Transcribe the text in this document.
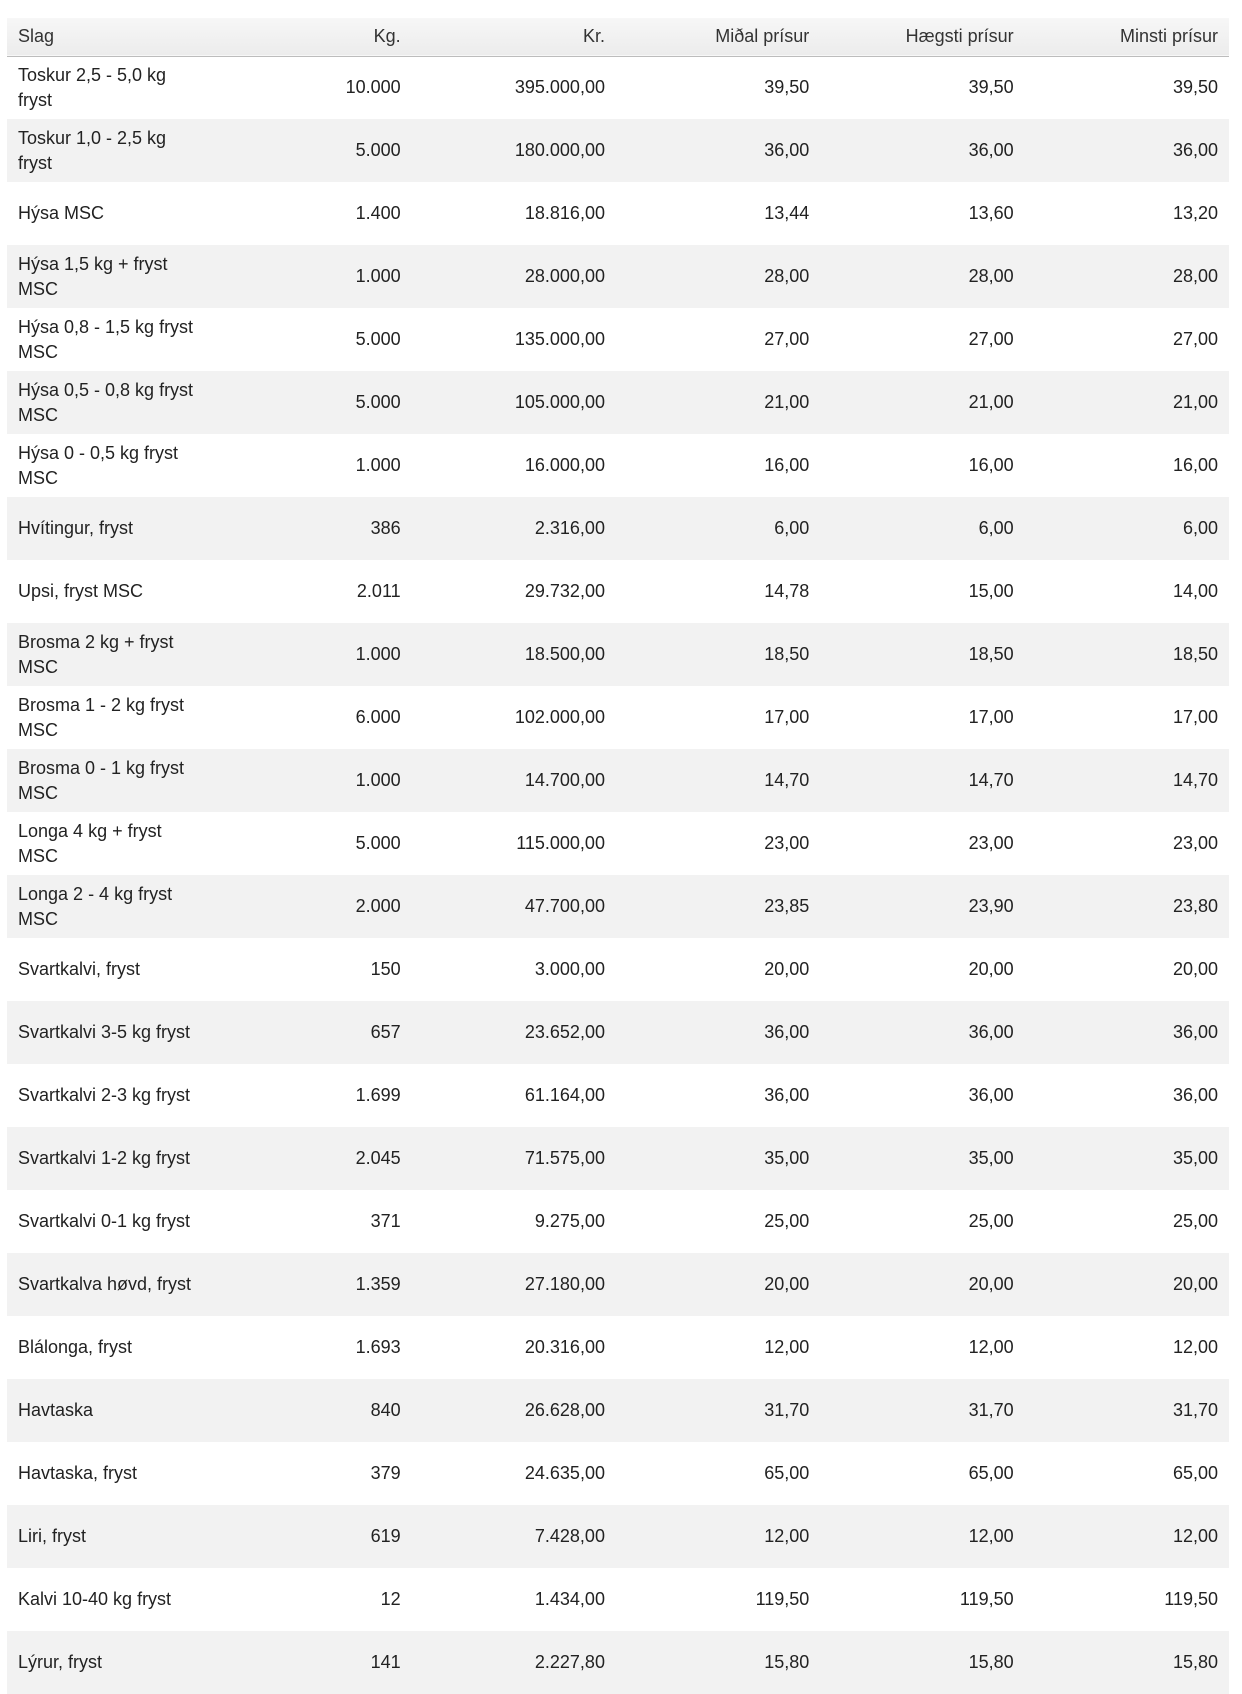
Slag	Kg.	Kr.	Miðal prísur	Hægsti prísur	Minsti prísur
Toskur 2,5 - 5,0 kg fryst	10.000	395.000,00	39,50	39,50	39,50
Toskur 1,0 - 2,5 kg fryst	5.000	180.000,00	36,00	36,00	36,00
Hýsa MSC	1.400	18.816,00	13,44	13,60	13,20
Hýsa 1,5 kg + fryst MSC	1.000	28.000,00	28,00	28,00	28,00
Hýsa 0,8 - 1,5 kg fryst MSC	5.000	135.000,00	27,00	27,00	27,00
Hýsa 0,5 - 0,8 kg fryst MSC	5.000	105.000,00	21,00	21,00	21,00
Hýsa 0 - 0,5 kg fryst MSC	1.000	16.000,00	16,00	16,00	16,00
Hvítingur, fryst	386	2.316,00	6,00	6,00	6,00
Upsi, fryst MSC	2.011	29.732,00	14,78	15,00	14,00
Brosma 2 kg + fryst MSC	1.000	18.500,00	18,50	18,50	18,50
Brosma 1 - 2 kg fryst MSC	6.000	102.000,00	17,00	17,00	17,00
Brosma 0 - 1 kg fryst MSC	1.000	14.700,00	14,70	14,70	14,70
Longa 4 kg + fryst MSC	5.000	115.000,00	23,00	23,00	23,00
Longa 2 - 4 kg fryst MSC	2.000	47.700,00	23,85	23,90	23,80
Svartkalvi, fryst	150	3.000,00	20,00	20,00	20,00
Svartkalvi 3-5 kg fryst	657	23.652,00	36,00	36,00	36,00
Svartkalvi 2-3 kg fryst	1.699	61.164,00	36,00	36,00	36,00
Svartkalvi 1-2 kg fryst	2.045	71.575,00	35,00	35,00	35,00
Svartkalvi 0-1 kg fryst	371	9.275,00	25,00	25,00	25,00
Svartkalva høvd, fryst	1.359	27.180,00	20,00	20,00	20,00
Blálonga, fryst	1.693	20.316,00	12,00	12,00	12,00
Havtaska	840	26.628,00	31,70	31,70	31,70
Havtaska, fryst	379	24.635,00	65,00	65,00	65,00
Liri, fryst	619	7.428,00	12,00	12,00	12,00
Kalvi 10-40 kg fryst	12	1.434,00	119,50	119,50	119,50
Lýrur, fryst	141	2.227,80	15,80	15,80	15,80
